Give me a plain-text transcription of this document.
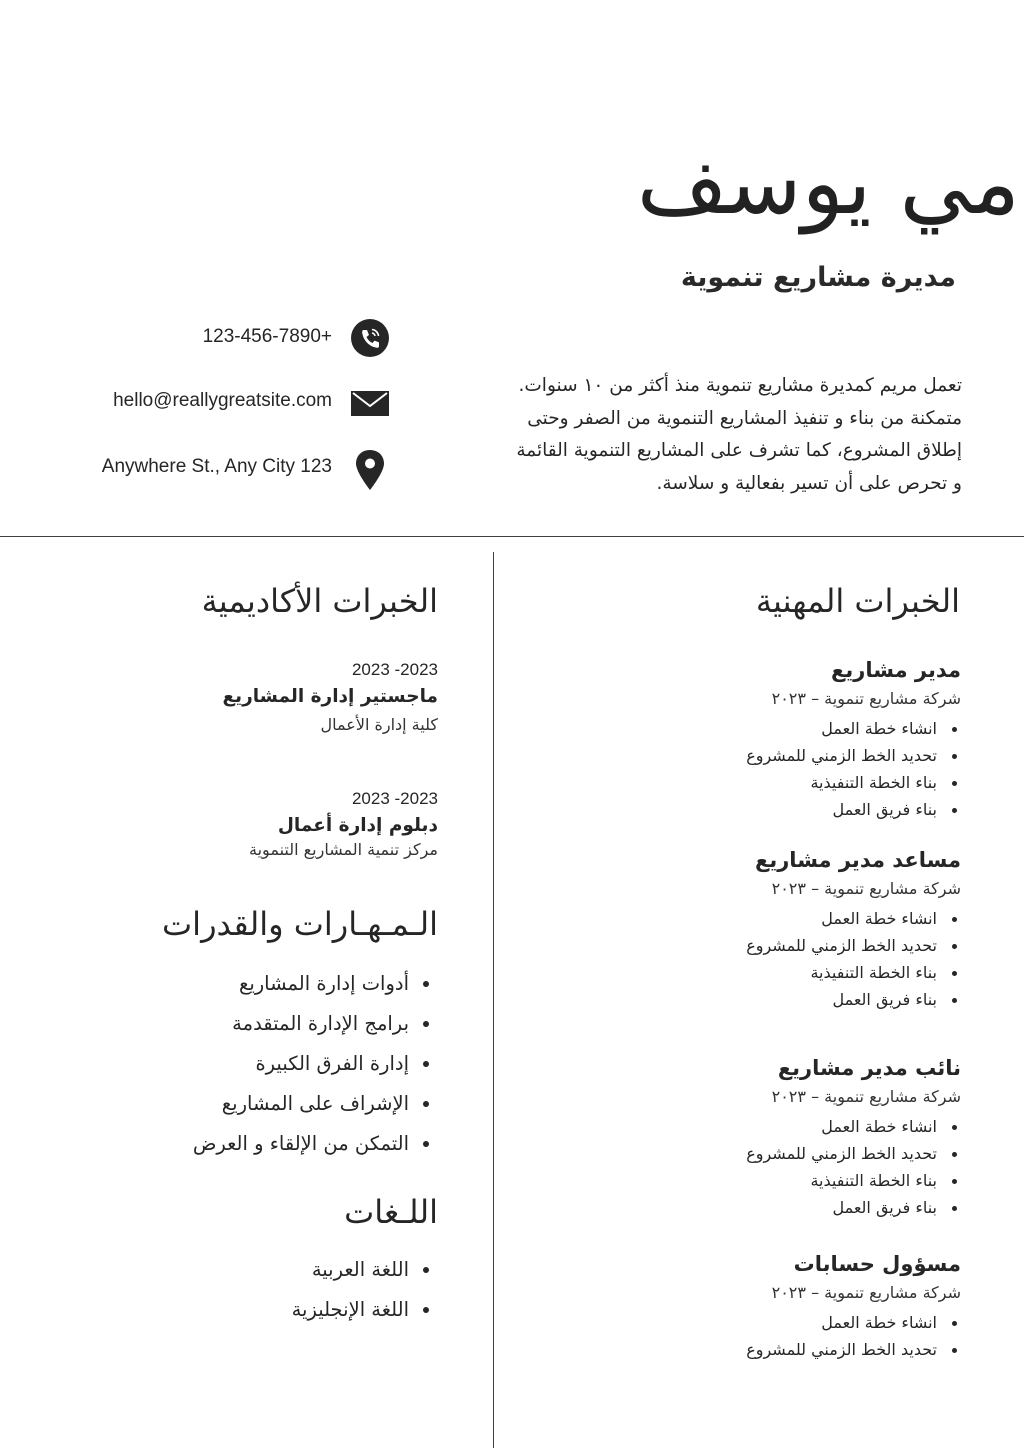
مي يوسف
مديرة مشاريع تنموية
123-456-7890+
hello@reallygreatsite.com
Anywhere St., Any City 123
تعمل مريم كمديرة مشاريع تنموية منذ أكثر من ١٠ سنوات.
متمكنة من بناء و تنفيذ المشاريع التنموية من الصفر وحتى
إطلاق المشروع، كما تشرف على المشاريع التنموية القائمة
و تحرص على أن تسير بفعالية و سلاسة.
الخبرات المهنية
مدير مشاريع
شركة مشاريع تنموية – ٢٠٢٣
انشاء خطة العمل
تحديد الخط الزمني للمشروع
بناء الخطة التنفيذية
بناء فريق العمل
مساعد مدير مشاريع
شركة مشاريع تنموية – ٢٠٢٣
انشاء خطة العمل
تحديد الخط الزمني للمشروع
بناء الخطة التنفيذية
بناء فريق العمل
نائب مدير مشاريع
شركة مشاريع تنموية – ٢٠٢٣
انشاء خطة العمل
تحديد الخط الزمني للمشروع
بناء الخطة التنفيذية
بناء فريق العمل
مسؤول حسابات
شركة مشاريع تنموية – ٢٠٢٣
انشاء خطة العمل
تحديد الخط الزمني للمشروع
الخبرات الأكاديمية
2023 -2023
ماجستير إدارة المشاريع
كلية إدارة الأعمال
2023 -2023
دبلوم إدارة أعمال
مركز تنمية المشاريع التنموية
الـمـهـارات والقدرات
أدوات إدارة المشاريع
برامج الإدارة المتقدمة
إدارة الفرق الكبيرة
الإشراف على المشاريع
التمكن من الإلقاء و العرض
اللـغات
اللغة العربية
اللغة الإنجليزية
